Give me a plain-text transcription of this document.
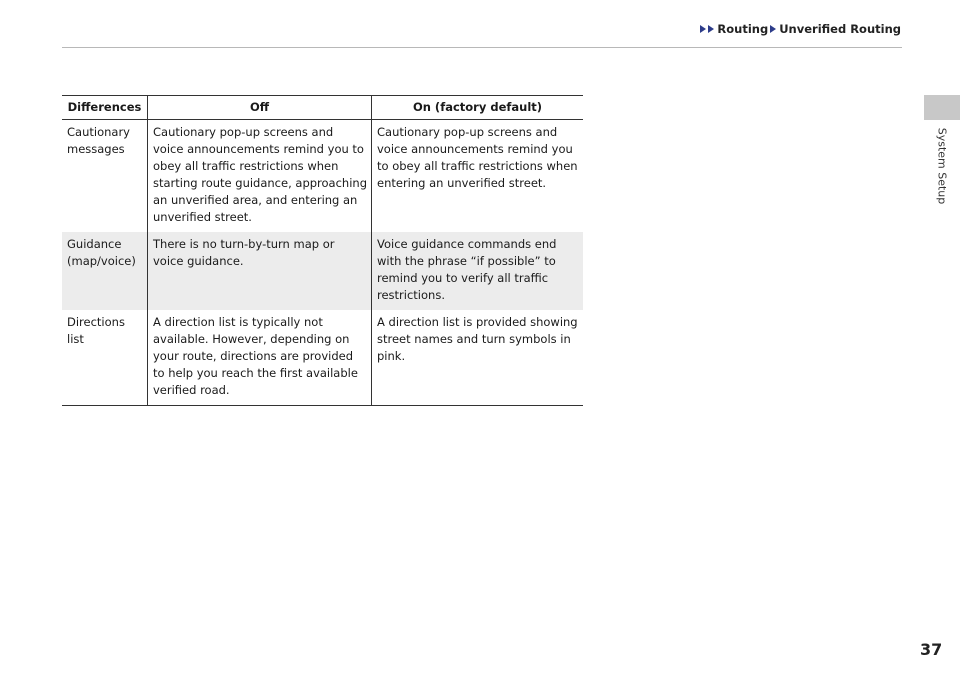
Routing Unverified Routing
System Setup
Differences	Off	On (factory default)
Cautionary messages	Cautionary pop-up screens and voice announcements remind you to obey all traffic restrictions when starting route guidance, approaching an unverified area, and entering an unverified street.	Cautionary pop-up screens and voice announcements remind you to obey all traffic restrictions when entering an unverified street.
Guidance (map/voice)	There is no turn-by-turn map or voice guidance.	Voice guidance commands end with the phrase “if possible” to remind you to verify all traffic restrictions.
Directions list	A direction list is typically not available. However, depending on your route, directions are provided to help you reach the first available verified road.	A direction list is provided showing street names and turn symbols in pink.
37
